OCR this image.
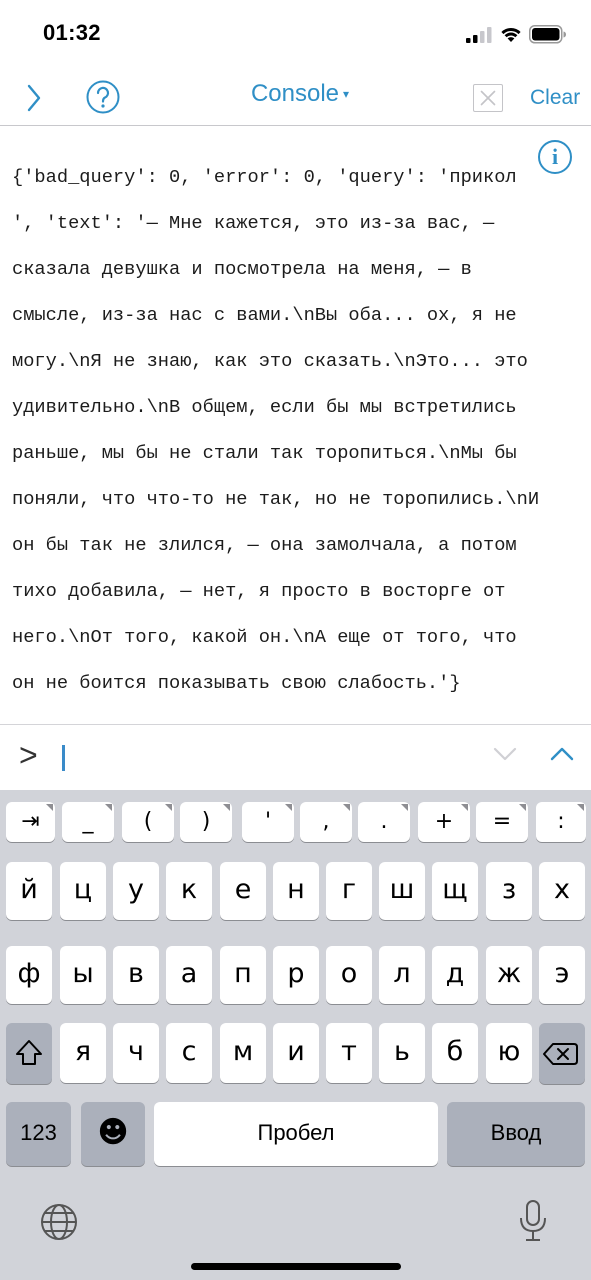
01:32
Console ▾	Clear

{'bad_query': 0, 'error': 0, 'query': 'прикол

', 'text': '— Мне кажется, это из-за вас, —

сказала девушка и посмотрела на меня, — в

смысле, из-за нас с вами.\nВы оба... ох, я не

могу.\nЯ не знаю, как это сказать.\nЭто... это

удивительно.\nВ общем, если бы мы встретились

раньше, мы бы не стали так торопиться.\nМы бы

поняли, что что-то не так, но не торопились.\nИ

он бы так не злился, — она замолчала, а потом

тихо добавила, — нет, я просто в восторге от

него.\nОт того, какой он.\nА еще от того, что

он не боится показывать свою слабость.'}

i
>
⇥	_	(	)	'	,	.	+	=	:
й	ц	у	к	е	н	г	ш	щ	з	х
ф	ы	в	а	п	р	о	л	д	ж	э
я	ч	с	м	и	т	ь	б	ю
123	☻	Пробел	Ввод
